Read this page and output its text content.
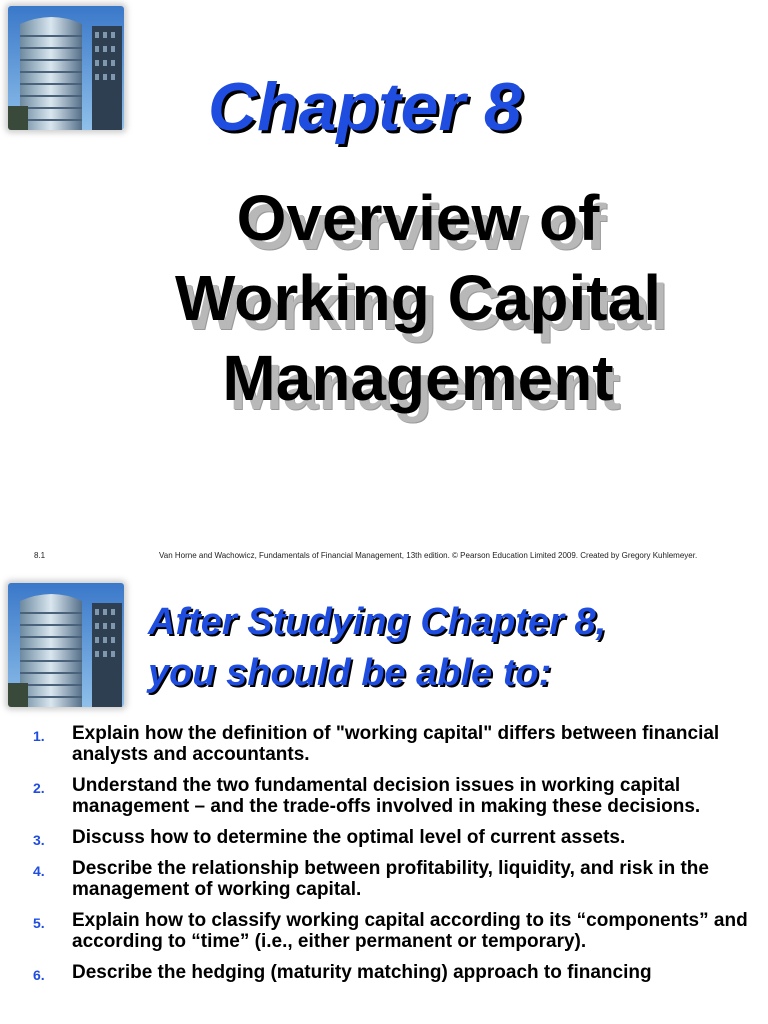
Chapter 8
Overview of
Working Capital
Management
8.1	Van Horne and Wachowicz, Fundamentals of Financial Management, 13th edition. © Pearson Education Limited 2009. Created by Gregory Kuhlemeyer.
After Studying Chapter 8,
you should be able to:
1. Explain how the definition of "working capital" differs between financial analysts and accountants.
2. Understand the two fundamental decision issues in working capital management – and the trade-offs involved in making these decisions.
3. Discuss how to determine the optimal level of current assets.
4. Describe the relationship between profitability, liquidity, and risk in the management of working capital.
5. Explain how to classify working capital according to its “components” and according to “time” (i.e., either permanent or temporary).
6. Describe the hedging (maturity matching) approach to financing
